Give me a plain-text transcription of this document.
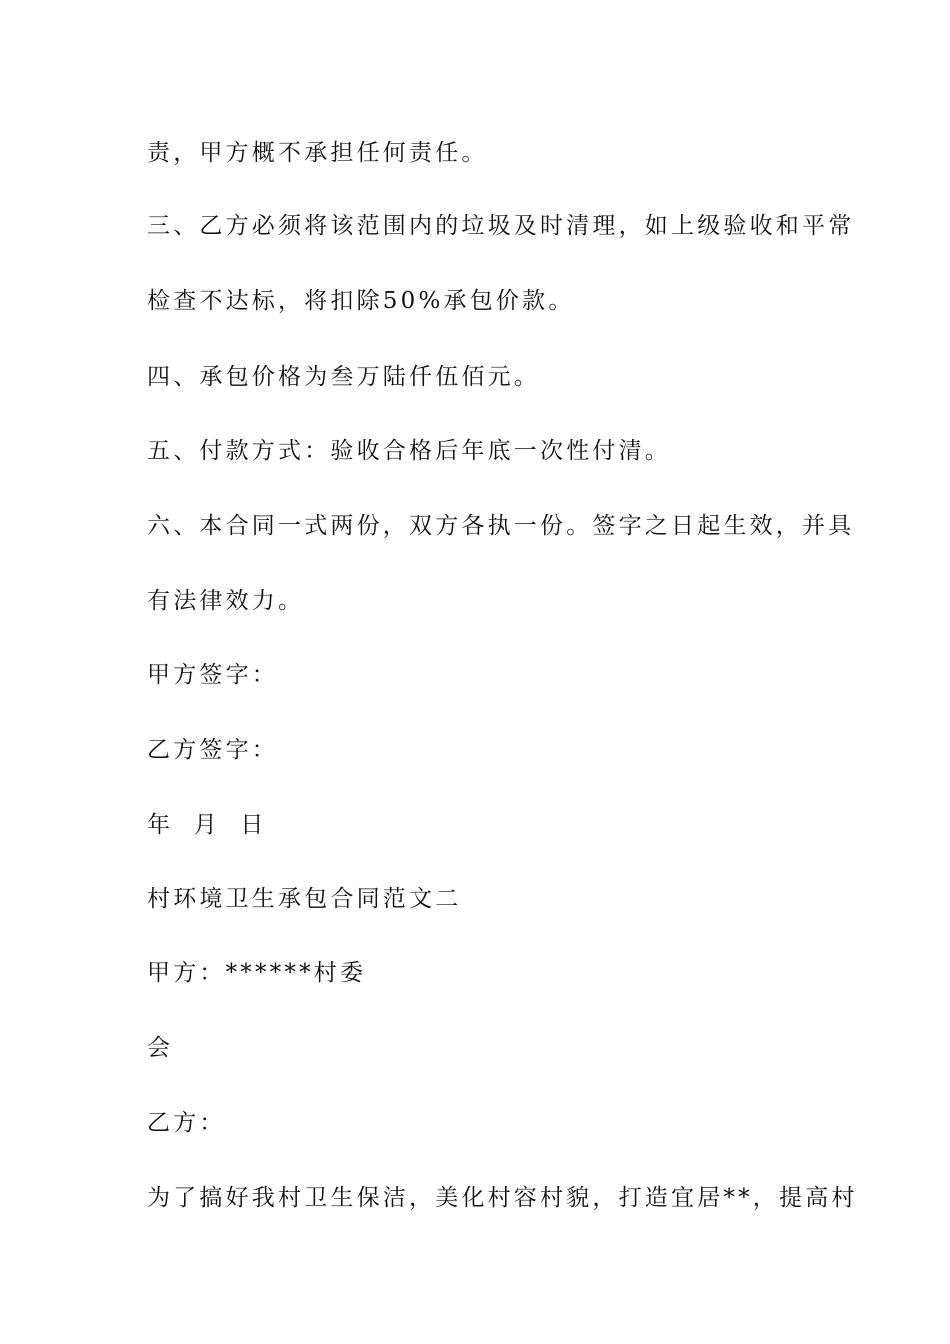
责，甲方概不承担任何责任。

三、乙方必须将该范围内的垃圾及时清理，如上级验收和平常

检查不达标，将扣除50%承包价款。

四、承包价格为叁万陆仟伍佰元。

五、付款方式：验收合格后年底一次性付清。

六、本合同一式两份，双方各执一份。签字之日起生效，并具

有法律效力。

甲方签字：

乙方签字：

年 月 日

村环境卫生承包合同范文二

甲方：******村委

会

乙方：

为了搞好我村卫生保洁，美化村容村貌，打造宜居**，提高村
